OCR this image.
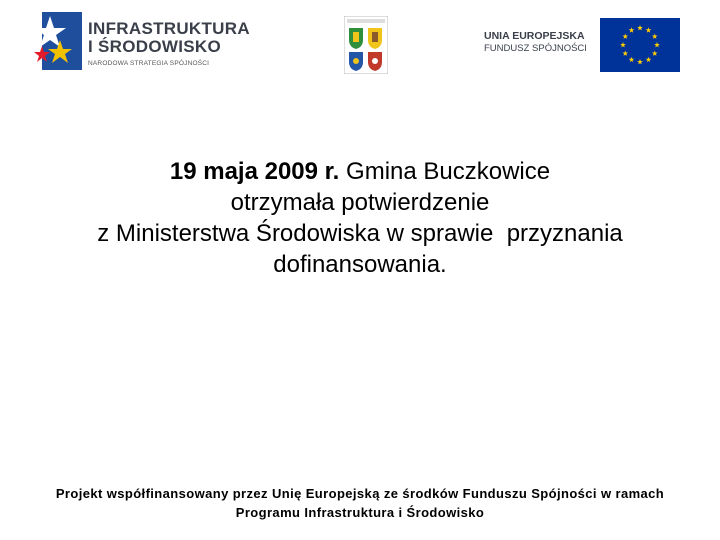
INFRASTRUKTURA
I ŚRODOWISKO
NARODOWA STRATEGIA SPÓJNOŚCI
UNIA EUROPEJSKA
FUNDUSZ SPÓJNOŚCI
19 maja 2009 r. Gmina Buczkowice
otrzymała potwierdzenie
z Ministerstwa Środowiska w sprawie  przyznania
dofinansowania.
Projekt współfinansowany przez Unię Europejską ze środków Funduszu Spójności w ramach
Programu Infrastruktura i Środowisko
